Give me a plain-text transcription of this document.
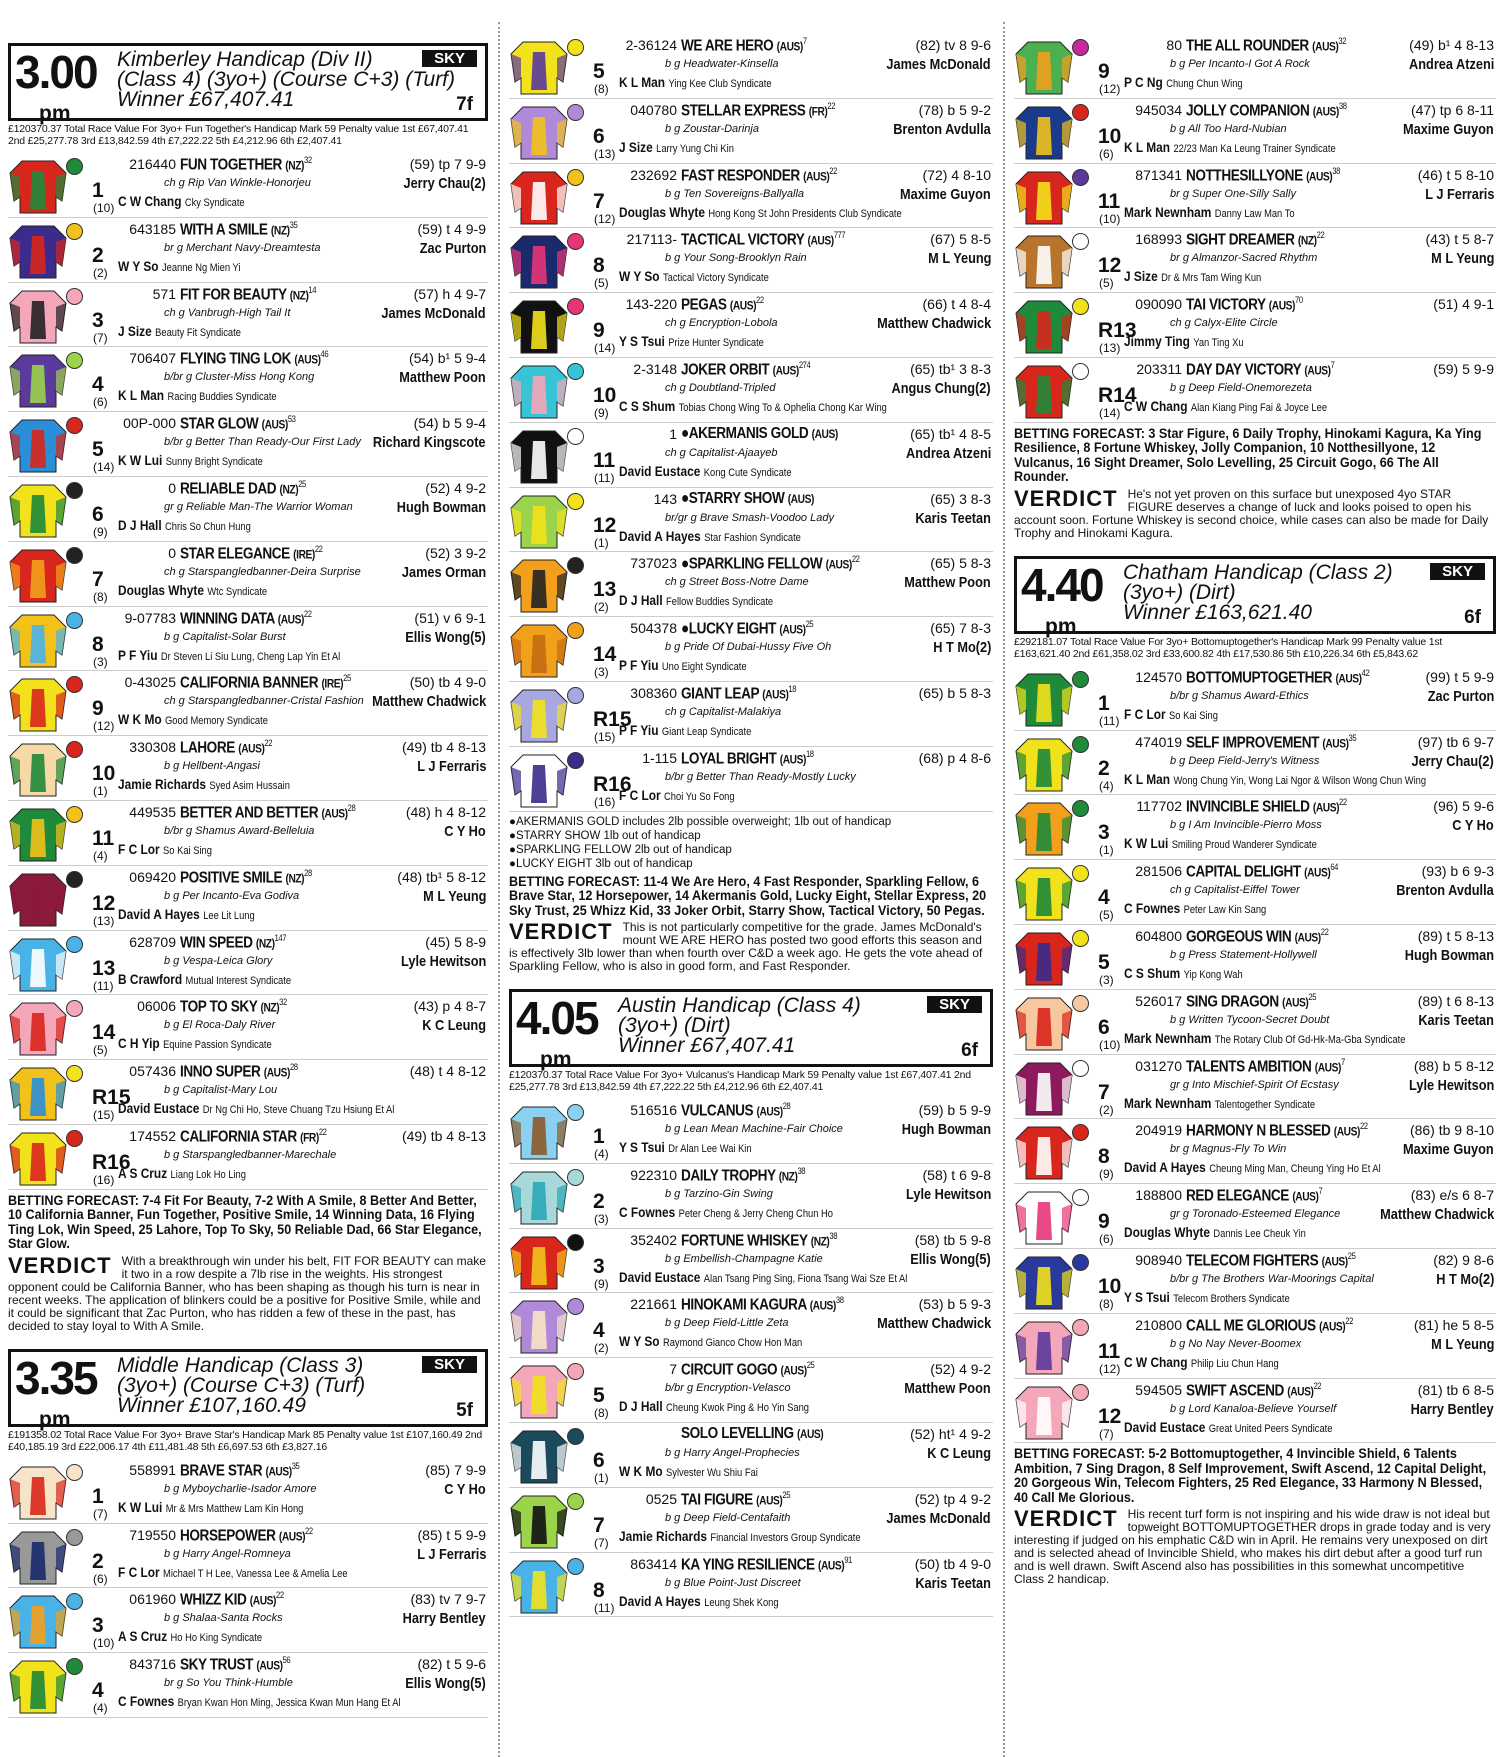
3.00
pm
Kimberley Handicap (Div II)
(Class 4) (3yo+) (Course C+3) (Turf)
Winner £67,407.41
SKY
7f
£120370.37 Total Race Value For 3yo+ Fun Together's Handicap Mark 59 Penalty value 1st £67,407.41 2nd £25,277.78 3rd £13,842.59 4th £7,222.22 5th £4,212.96 6th £2,407.41
1
(10)
216440 FUN TOGETHER (NZ)$^{32}$
ch g Rip Van Winkle-Honorjeu
C W Chang Cky Syndicate
(59) tp 7 9-9
Jerry Chau(2)
2
(2)
643185 WITH A SMILE (NZ)$^{35}$
br g Merchant Navy-Dreamtesta
W Y So Jeanne Ng Mien Yi
(59) t 4 9-9
Zac Purton
3
(7)
571 FIT FOR BEAUTY (NZ)$^{14}$
ch g Vanbrugh-High Tail It
J Size Beauty Fit Syndicate
(57) h 4 9-7
James McDonald
4
(6)
706407 FLYING TING LOK (AUS)$^{46}$
b/br g Cluster-Miss Hong Kong
K L Man Racing Buddies Syndicate
(54) b¹ 5 9-4
Matthew Poon
5
(14)
00P-000 STAR GLOW (AUS)$^{53}$
b/br g Better Than Ready-Our First Lady
K W Lui Sunny Bright Syndicate
(54) b 5 9-4
Richard Kingscote
6
(9)
0 RELIABLE DAD (NZ)$^{25}$
gr g Reliable Man-The Warrior Woman
D J Hall Chris So Chun Hung
(52) 4 9-2
Hugh Bowman
7
(8)
0 STAR ELEGANCE (IRE)$^{22}$
ch g Starspangledbanner-Deira Surprise
Douglas Whyte Wtc Syndicate
(52) 3 9-2
James Orman
8
(3)
9-07783 WINNING DATA (AUS)$^{22}$
b g Capitalist-Solar Burst
P F Yiu Dr Steven Li Siu Lung, Cheng Lap Yin Et Al
(51) v 6 9-1
Ellis Wong(5)
9
(12)
0-43025 CALIFORNIA BANNER (IRE)$^{25}$
ch g Starspangledbanner-Cristal Fashion
W K Mo Good Memory Syndicate
(50) tb 4 9-0
Matthew Chadwick
10
(1)
330308 LAHORE (AUS)$^{22}$
b g Hellbent-Angasi
Jamie Richards Syed Asim Hussain
(49) tb 4 8-13
L J Ferraris
11
(4)
449535 BETTER AND BETTER (AUS)$^{28}$
b/br g Shamus Award-Belleluia
F C Lor So Kai Sing
(48) h 4 8-12
C Y Ho
12
(13)
069420 POSITIVE SMILE (NZ)$^{28}$
b g Per Incanto-Eva Godiva
David A Hayes Lee Lit Lung
(48) tb¹ 5 8-12
M L Yeung
13
(11)
628709 WIN SPEED (NZ)$^{147}$
b g Vespa-Leica Glory
B Crawford Mutual Interest Syndicate
(45) 5 8-9
Lyle Hewitson
14
(5)
06006 TOP TO SKY (NZ)$^{32}$
b g El Roca-Daly River
C H Yip Equine Passion Syndicate
(43) p 4 8-7
K C Leung
R15
(15)
057436 INNO SUPER (AUS)$^{28}$
b g Capitalist-Mary Lou
David Eustace Dr Ng Chi Ho, Steve Chuang Tzu Hsiung Et Al
(48) t 4 8-12
R16
(16)
174552 CALIFORNIA STAR (FR)$^{22}$
b g Starspangledbanner-Marechale
A S Cruz Liang Lok Ho Ling
(49) tb 4 8-13
BETTING FORECAST: 7-4 Fit For Beauty, 7-2 With A Smile, 8 Better And Better, 10 California Banner, Fun Together, Positive Smile, 14 Winning Data, 16 Flying Ting Lok, Win Speed, 25 Lahore, Top To Sky, 50 Reliable Dad, 66 Star Elegance, Star Glow.
VERDICT With a breakthrough win under his belt, FIT FOR BEAUTY can make it two in a row despite a 7lb rise in the weights. His strongest opponent could be California Banner, who has been shaping as though his turn is near in recent weeks. The application of blinkers could be a positive for Positive Smile, while and it could be significant that Zac Purton, who has ridden a few of these in the past, has decided to stay loyal to With A Smile.
3.35
pm
Middle Handicap (Class 3)
(3yo+) (Course C+3) (Turf)
Winner £107,160.49
SKY
5f
£191358.02 Total Race Value For 3yo+ Brave Star's Handicap Mark 85 Penalty value 1st £107,160.49 2nd £40,185.19 3rd £22,006.17 4th £11,481.48 5th £6,697.53 6th £3,827.16
1
(7)
558991 BRAVE STAR (AUS)$^{35}$
b g Myboycharlie-Isador Amore
K W Lui Mr & Mrs Matthew Lam Kin Hong
(85) 7 9-9
C Y Ho
2
(6)
719550 HORSEPOWER (AUS)$^{22}$
b g Harry Angel-Romneya
F C Lor Michael T H Lee, Vanessa Lee & Amelia Lee
(85) t 5 9-9
L J Ferraris
3
(10)
061960 WHIZZ KID (AUS)$^{22}$
b g Shalaa-Santa Rocks
A S Cruz Ho Ho King Syndicate
(83) tv 7 9-7
Harry Bentley
4
(4)
843716 SKY TRUST (AUS)$^{56}$
br g So You Think-Humble
C Fownes Bryan Kwan Hon Ming, Jessica Kwan Mun Hang Et Al
(82) t 5 9-6
Ellis Wong(5)
5
(8)
2-36124 WE ARE HERO (AUS)$^7$
b g Headwater-Kinsella
K L Man Ying Kee Club Syndicate
(82) tv 8 9-6
James McDonald
6
(13)
040780 STELLAR EXPRESS (FR)$^{22}$
b g Zoustar-Darinja
J Size Larry Yung Chi Kin
(78) b 5 9-2
Brenton Avdulla
7
(12)
232692 FAST RESPONDER (AUS)$^{22}$
b g Ten Sovereigns-Ballyalla
Douglas Whyte Hong Kong St John Presidents Club Syndicate
(72) 4 8-10
Maxime Guyon
8
(5)
217113- TACTICAL VICTORY (AUS)$^{777}$
b g Your Song-Brooklyn Rain
W Y So Tactical Victory Syndicate
(67) 5 8-5
M L Yeung
9
(14)
143-220 PEGAS (AUS)$^{22}$
ch g Encryption-Lobola
Y S Tsui Prize Hunter Syndicate
(66) t 4 8-4
Matthew Chadwick
10
(9)
2-3148 JOKER ORBIT (AUS)$^{274}$
ch g Doubtland-Tripled
C S Shum Tobias Chong Wing To & Ophelia Chong Kar Wing
(65) tb¹ 3 8-3
Angus Chung(2)
11
(11)
1 ●AKERMANIS GOLD (AUS)
ch g Capitalist-Ajaayeb
David Eustace Kong Cute Syndicate
(65) tb¹ 4 8-5
Andrea Atzeni
12
(1)
143 ●STARRY SHOW (AUS)
br/gr g Brave Smash-Voodoo Lady
David A Hayes Star Fashion Syndicate
(65) 3 8-3
Karis Teetan
13
(2)
737023 ●SPARKLING FELLOW (AUS)$^{22}$
ch g Street Boss-Notre Dame
D J Hall Fellow Buddies Syndicate
(65) 5 8-3
Matthew Poon
14
(3)
504378 ●LUCKY EIGHT (AUS)$^{25}$
b g Pride Of Dubai-Hussy Five Oh
P F Yiu Uno Eight Syndicate
(65) 7 8-3
H T Mo(2)
R15
(15)
308360 GIANT LEAP (AUS)$^{18}$
ch g Capitalist-Malakiya
P F Yiu Giant Leap Syndicate
(65) b 5 8-3
R16
(16)
1-115 LOYAL BRIGHT (AUS)$^{18}$
b/br g Better Than Ready-Mostly Lucky
F C Lor Choi Yu So Fong
(68) p 4 8-6
●AKERMANIS GOLD includes 2lb possible overweight; 1lb out of handicap
●STARRY SHOW 1lb out of handicap
●SPARKLING FELLOW 2lb out of handicap
●LUCKY EIGHT 3lb out of handicap
BETTING FORECAST: 11-4 We Are Hero, 4 Fast Responder, Sparkling Fellow, 6 Brave Star, 12 Horsepower, 14 Akermanis Gold, Lucky Eight, Stellar Express, 20 Sky Trust, 25 Whizz Kid, 33 Joker Orbit, Starry Show, Tactical Victory, 50 Pegas.
VERDICT This is not particularly competitive for the grade. James McDonald's mount WE ARE HERO has posted two good efforts this season and is effectively 3lb lower than when fourth over C&D a week ago. He gets the vote ahead of Sparkling Fellow, who is also in good form, and Fast Responder.
4.05
pm
Austin Handicap (Class 4)
(3yo+) (Dirt)
Winner £67,407.41
SKY
6f
£120370.37 Total Race Value For 3yo+ Vulcanus's Handicap Mark 59 Penalty value 1st £67,407.41 2nd £25,277.78 3rd £13,842.59 4th £7,222.22 5th £4,212.96 6th £2,407.41
1
(4)
516516 VULCANUS (AUS)$^{28}$
b g Lean Mean Machine-Fair Choice
Y S Tsui Dr Alan Lee Wai Kin
(59) b 5 9-9
Hugh Bowman
2
(3)
922310 DAILY TROPHY (NZ)$^{38}$
b g Tarzino-Gin Swing
C Fownes Peter Cheng & Jerry Cheng Chun Ho
(58) t 6 9-8
Lyle Hewitson
3
(9)
352402 FORTUNE WHISKEY (NZ)$^{38}$
b g Embellish-Champagne Katie
David Eustace Alan Tsang Ping Sing, Fiona Tsang Wai Sze Et Al
(58) tb 5 9-8
Ellis Wong(5)
4
(2)
221661 HINOKAMI KAGURA (AUS)$^{38}$
b g Deep Field-Little Zeta
W Y So Raymond Gianco Chow Hon Man
(53) b 5 9-3
Matthew Chadwick
5
(8)
7 CIRCUIT GOGO (AUS)$^{25}$
b/br g Encryption-Velasco
D J Hall Cheung Kwok Ping & Ho Yin Sang
(52) 4 9-2
Matthew Poon
6
(1)
SOLO LEVELLING (AUS)
b g Harry Angel-Prophecies
W K Mo Sylvester Wu Shiu Fai
(52) ht¹ 4 9-2
K C Leung
7
(7)
0525 TAI FIGURE (AUS)$^{25}$
b g Deep Field-Centafaith
Jamie Richards Financial Investors Group Syndicate
(52) tp 4 9-2
James McDonald
8
(11)
863414 KA YING RESILIENCE (AUS)$^{91}$
b g Blue Point-Just Discreet
David A Hayes Leung Shek Kong
(50) tb 4 9-0
Karis Teetan
9
(12)
80 THE ALL ROUNDER (AUS)$^{32}$
b g Per Incanto-I Got A Rock
P C Ng Chung Chun Wing
(49) b¹ 4 8-13
Andrea Atzeni
10
(6)
945034 JOLLY COMPANION (AUS)$^{38}$
b g All Too Hard-Nubian
K L Man 22/23 Man Ka Leung Trainer Syndicate
(47) tp 6 8-11
Maxime Guyon
11
(10)
871341 NOTTHESILLYONE (AUS)$^{38}$
br g Super One-Silly Sally
Mark Newnham Danny Law Man To
(46) t 5 8-10
L J Ferraris
12
(5)
168993 SIGHT DREAMER (NZ)$^{22}$
br g Almanzor-Sacred Rhythm
J Size Dr & Mrs Tam Wing Kun
(43) t 5 8-7
M L Yeung
R13
(13)
090090 TAI VICTORY (AUS)$^{70}$
ch g Calyx-Elite Circle
Jimmy Ting Yan Ting Xu
(51) 4 9-1
R14
(14)
203311 DAY DAY VICTORY (AUS)$^7$
b g Deep Field-Onemorezeta
C W Chang Alan Kiang Ping Fai & Joyce Lee
(59) 5 9-9
BETTING FORECAST: 3 Star Figure, 6 Daily Trophy, Hinokami Kagura, Ka Ying Resilience, 8 Fortune Whiskey, Jolly Companion, 10 Notthesillyone, 12 Vulcanus, 16 Sight Dreamer, Solo Levelling, 25 Circuit Gogo, 66 The All Rounder.
VERDICT He's not yet proven on this surface but unexposed 4yo STAR FIGURE deserves a change of luck and looks poised to open his account soon. Fortune Whiskey is second choice, while cases can also be made for Daily Trophy and Hinokami Kagura.
4.40
pm
Chatham Handicap (Class 2)
(3yo+) (Dirt)
Winner £163,621.40
SKY
6f
£292181.07 Total Race Value For 3yo+ Bottomuptogether's Handicap Mark 99 Penalty value 1st £163,621.40 2nd £61,358.02 3rd £33,600.82 4th £17,530.86 5th £10,226.34 6th £5,843.62
1
(11)
124570 BOTTOMUPTOGETHER (AUS)$^{42}$
b/br g Shamus Award-Ethics
F C Lor So Kai Sing
(99) t 5 9-9
Zac Purton
2
(4)
474019 SELF IMPROVEMENT (AUS)$^{35}$
b g Deep Field-Jerry's Witness
K L Man Wong Chung Yin, Wong Lai Ngor & Wilson Wong Chun Wing
(97) tb 6 9-7
Jerry Chau(2)
3
(1)
117702 INVINCIBLE SHIELD (AUS)$^{22}$
b g I Am Invincible-Pierro Moss
K W Lui Smiling Proud Wanderer Syndicate
(96) 5 9-6
C Y Ho
4
(5)
281506 CAPITAL DELIGHT (AUS)$^{64}$
ch g Capitalist-Eiffel Tower
C Fownes Peter Law Kin Sang
(93) b 6 9-3
Brenton Avdulla
5
(3)
604800 GORGEOUS WIN (AUS)$^{22}$
b g Press Statement-Hollywell
C S Shum Yip Kong Wah
(89) t 5 8-13
Hugh Bowman
6
(10)
526017 SING DRAGON (AUS)$^{25}$
b g Written Tycoon-Secret Doubt
Mark Newnham The Rotary Club Of Gd-Hk-Ma-Gba Syndicate
(89) t 6 8-13
Karis Teetan
7
(2)
031270 TALENTS AMBITION (AUS)$^7$
gr g Into Mischief-Spirit Of Ecstasy
Mark Newnham Talentogether Syndicate
(88) b 5 8-12
Lyle Hewitson
8
(9)
204919 HARMONY N BLESSED (AUS)$^{22}$
br g Magnus-Fly To Win
David A Hayes Cheung Ming Man, Cheung Ying Ho Et Al
(86) tb 9 8-10
Maxime Guyon
9
(6)
188800 RED ELEGANCE (AUS)$^7$
gr g Toronado-Esteemed Elegance
Douglas Whyte Dannis Lee Cheuk Yin
(83) e/s 6 8-7
Matthew Chadwick
10
(8)
908940 TELECOM FIGHTERS (AUS)$^{25}$
b/br g The Brothers War-Moorings Capital
Y S Tsui Telecom Brothers Syndicate
(82) 9 8-6
H T Mo(2)
11
(12)
210800 CALL ME GLORIOUS (AUS)$^{22}$
b g No Nay Never-Boomex
C W Chang Philip Liu Chun Hang
(81) he 5 8-5
M L Yeung
12
(7)
594505 SWIFT ASCEND (AUS)$^{22}$
b g Lord Kanaloa-Believe Yourself
David Eustace Great United Peers Syndicate
(81) tb 6 8-5
Harry Bentley
BETTING FORECAST: 5-2 Bottomuptogether, 4 Invincible Shield, 6 Talents Ambition, 7 Sing Dragon, 8 Self Improvement, Swift Ascend, 12 Capital Delight, 20 Gorgeous Win, Telecom Fighters, 25 Red Elegance, 33 Harmony N Blessed, 40 Call Me Glorious.
VERDICT His recent turf form is not inspiring and his wide draw is not ideal but topweight BOTTOMUPTOGETHER drops in grade today and is very interesting if judged on his emphatic C&D win in April. He remains very unexposed on dirt and is selected ahead of Invincible Shield, who makes his dirt debut after a good turf run and is well drawn. Swift Ascend also has possibilities in this somewhat uncompetitive Class 2 handicap.
